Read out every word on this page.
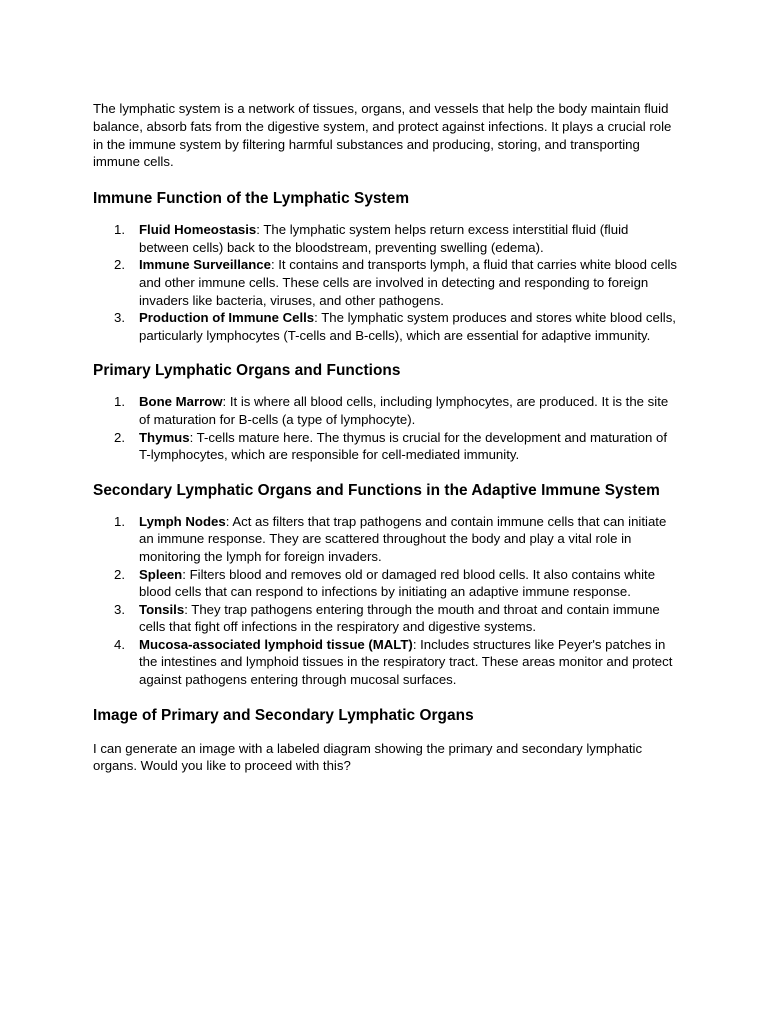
The lymphatic system is a network of tissues, organs, and vessels that help the body maintain fluid balance, absorb fats from the digestive system, and protect against infections. It plays a crucial role in the immune system by filtering harmful substances and producing, storing, and transporting immune cells.

Immune Function of the Lymphatic System
1. Fluid Homeostasis: The lymphatic system helps return excess interstitial fluid (fluid between cells) back to the bloodstream, preventing swelling (edema).
2. Immune Surveillance: It contains and transports lymph, a fluid that carries white blood cells and other immune cells. These cells are involved in detecting and responding to foreign invaders like bacteria, viruses, and other pathogens.
3. Production of Immune Cells: The lymphatic system produces and stores white blood cells, particularly lymphocytes (T-cells and B-cells), which are essential for adaptive immunity.
Primary Lymphatic Organs and Functions
1. Bone Marrow: It is where all blood cells, including lymphocytes, are produced. It is the site of maturation for B-cells (a type of lymphocyte).
2. Thymus: T-cells mature here. The thymus is crucial for the development and maturation of T-lymphocytes, which are responsible for cell-mediated immunity.
Secondary Lymphatic Organs and Functions in the Adaptive Immune System
1. Lymph Nodes: Act as filters that trap pathogens and contain immune cells that can initiate an immune response. They are scattered throughout the body and play a vital role in monitoring the lymph for foreign invaders.
2. Spleen: Filters blood and removes old or damaged red blood cells. It also contains white blood cells that can respond to infections by initiating an adaptive immune response.
3. Tonsils: They trap pathogens entering through the mouth and throat and contain immune cells that fight off infections in the respiratory and digestive systems.
4. Mucosa-associated lymphoid tissue (MALT): Includes structures like Peyer's patches in the intestines and lymphoid tissues in the respiratory tract. These areas monitor and protect against pathogens entering through mucosal surfaces.
Image of Primary and Secondary Lymphatic Organs

I can generate an image with a labeled diagram showing the primary and secondary lymphatic organs. Would you like to proceed with this?
